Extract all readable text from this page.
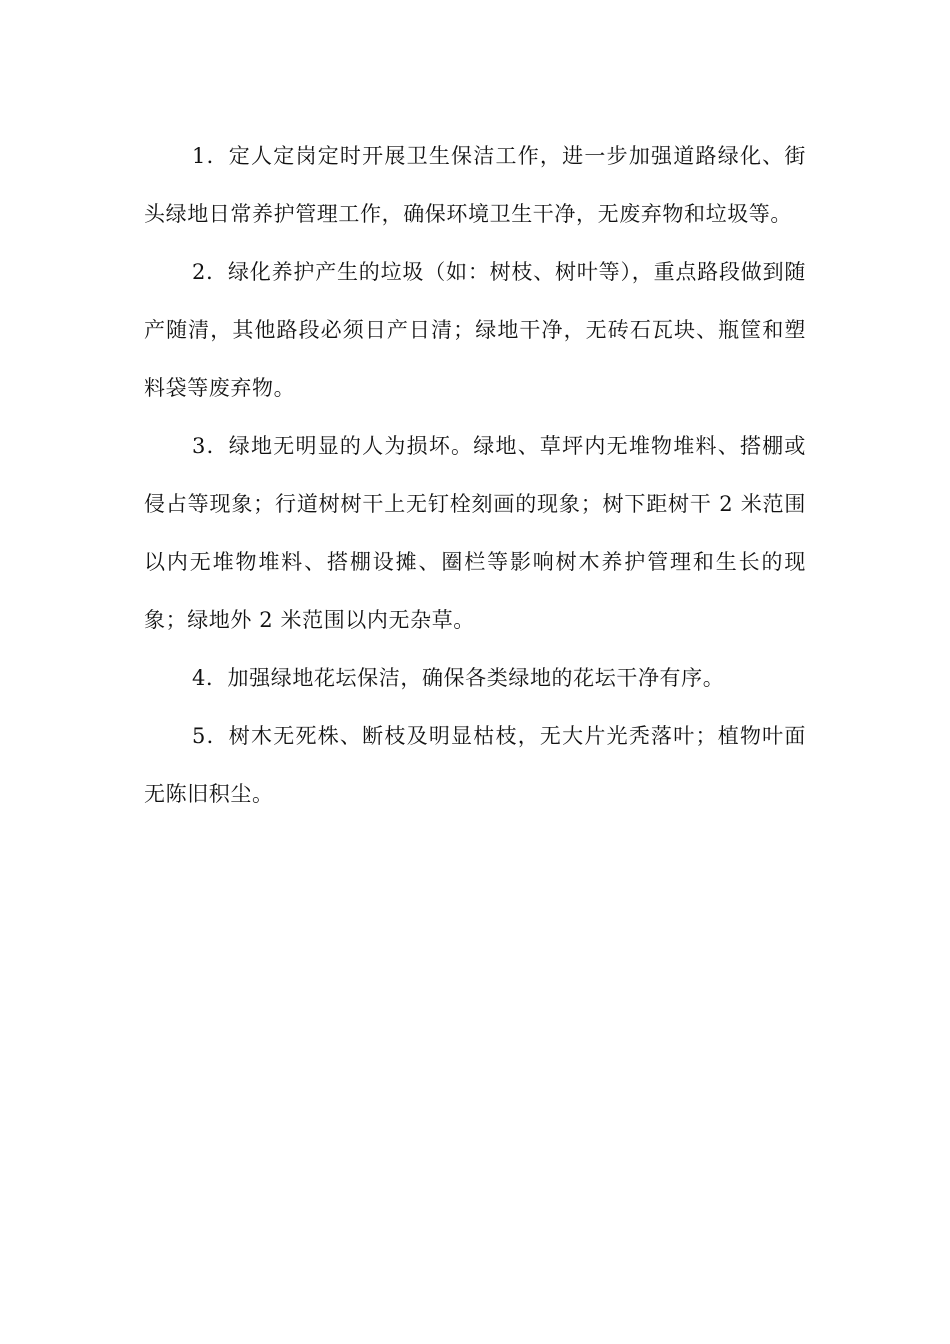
1．定人定岗定时开展卫生保洁工作，进一步加强道路绿化、街头绿地日常养护管理工作，确保环境卫生干净，无废弃物和垃圾等。

2．绿化养护产生的垃圾（如：树枝、树叶等），重点路段做到随产随清，其他路段必须日产日清；绿地干净，无砖石瓦块、瓶筐和塑料袋等废弃物。

3．绿地无明显的人为损坏。绿地、草坪内无堆物堆料、搭棚或侵占等现象；行道树树干上无钉栓刻画的现象；树下距树干 2 米范围以内无堆物堆料、搭棚设摊、圈栏等影响树木养护管理和生长的现象；绿地外 2 米范围以内无杂草。

4．加强绿地花坛保洁，确保各类绿地的花坛干净有序。

5．树木无死株、断枝及明显枯枝，无大片光秃落叶；植物叶面无陈旧积尘。
